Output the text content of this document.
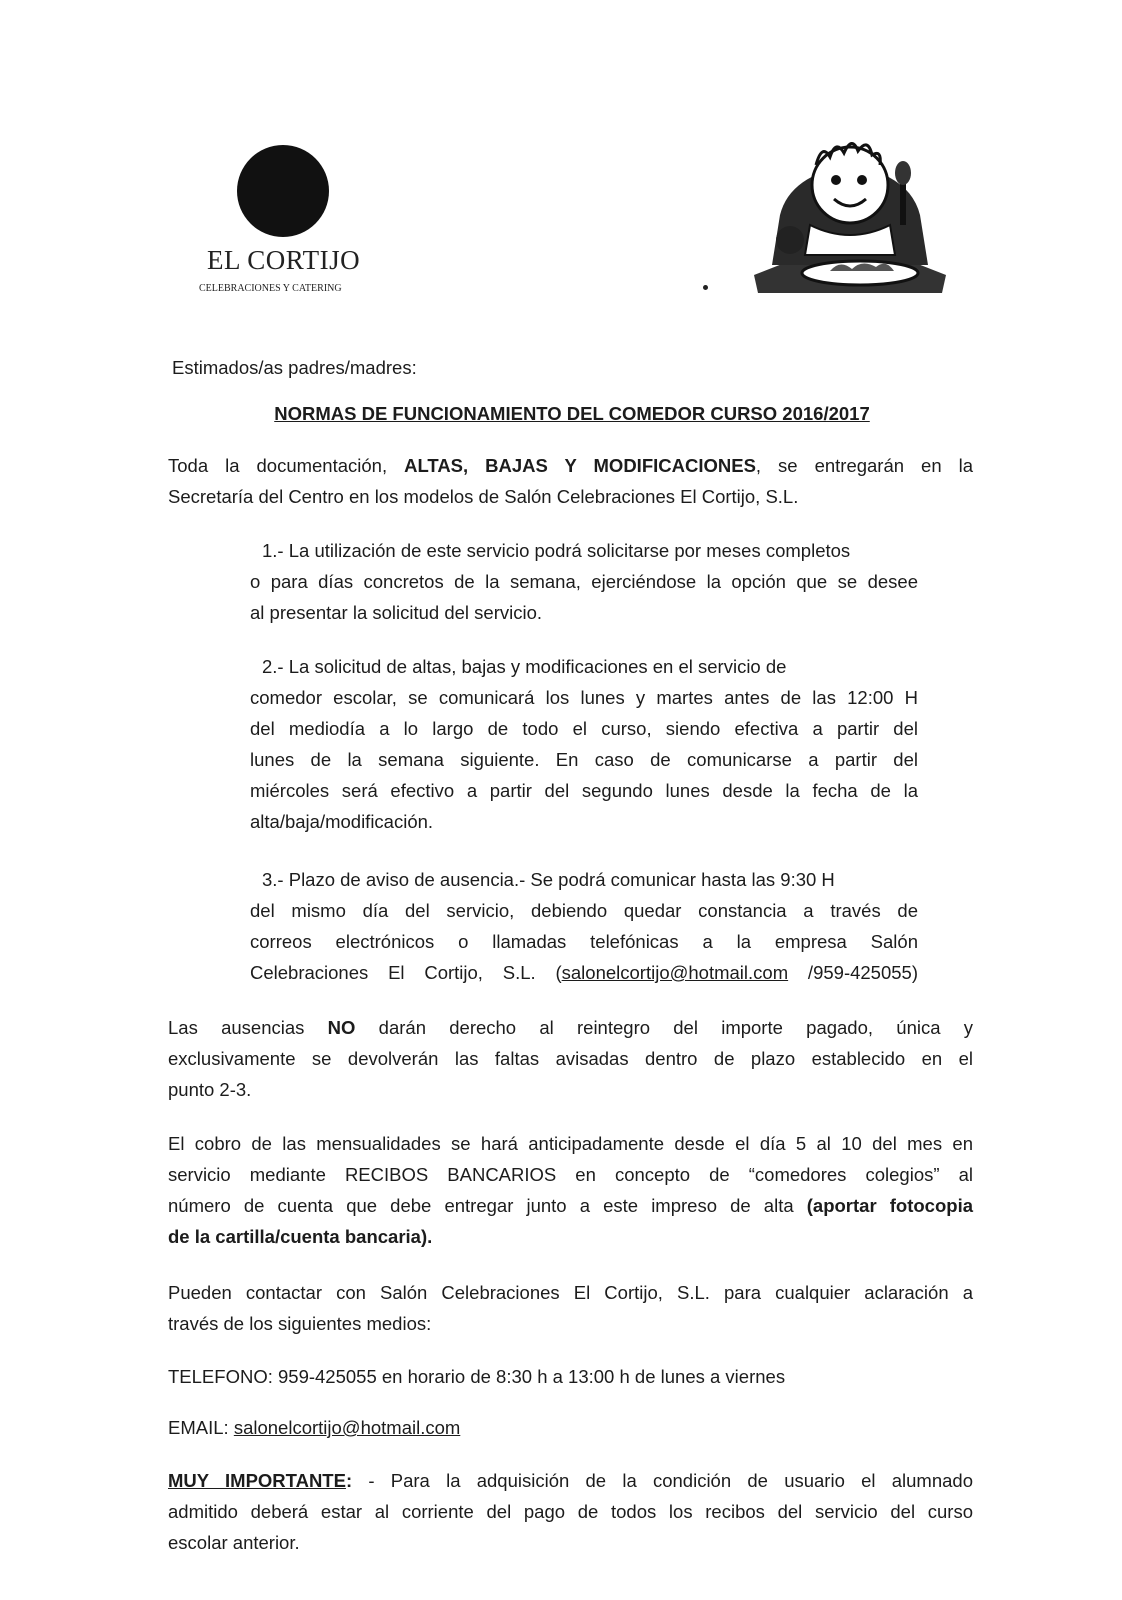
EL CORTIJO
CELEBRACIONES Y CATERING
Estimados/as padres/madres:
NORMAS DE FUNCIONAMIENTO DEL COMEDOR CURSO 2016/2017
Toda la documentación, ALTAS, BAJAS Y MODIFICACIONES, se entregarán en la
Secretaría del Centro en los modelos de Salón Celebraciones El Cortijo, S.L.
1.- La utilización de este servicio podrá solicitarse por meses completos
o para días concretos de la semana, ejerciéndose la opción que se desee
al presentar la solicitud del servicio.
2.- La solicitud de altas, bajas y modificaciones en el servicio de
comedor escolar, se comunicará los lunes y martes antes de las 12:00 H
del mediodía a lo largo de todo el curso, siendo efectiva a partir del
lunes de la semana siguiente. En caso de comunicarse a partir del
miércoles será efectivo a partir del segundo lunes desde la fecha de la
alta/baja/modificación.
3.- Plazo de aviso de ausencia.- Se podrá comunicar hasta las 9:30 H
del mismo día del servicio, debiendo quedar constancia a través de
correos electrónicos o llamadas telefónicas a la empresa Salón
Celebraciones El Cortijo, S.L. (salonelcortijo@hotmail.com /959-425055)
Las ausencias NO darán derecho al reintegro del importe pagado, única y
exclusivamente se devolverán las faltas avisadas dentro de plazo establecido en el
punto 2-3.
El cobro de las mensualidades se hará anticipadamente desde el día 5 al 10 del mes en
servicio mediante RECIBOS BANCARIOS en concepto de “comedores colegios” al
número de cuenta que debe entregar junto a este impreso de alta (aportar fotocopia
de la cartilla/cuenta bancaria).
Pueden contactar con Salón Celebraciones El Cortijo, S.L. para cualquier aclaración a
través de los siguientes medios:
TELEFONO: 959-425055 en horario de 8:30 h a 13:00 h de lunes a viernes
EMAIL: salonelcortijo@hotmail.com
MUY IMPORTANTE: - Para la adquisición de la condición de usuario el alumnado
admitido deberá estar al corriente del pago de todos los recibos del servicio del curso
escolar anterior.
